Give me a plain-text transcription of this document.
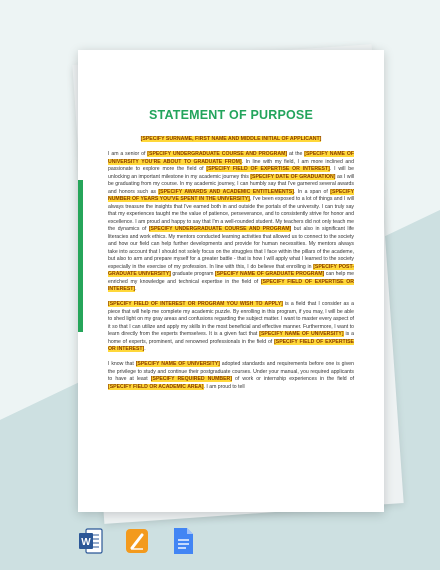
STATEMENT OF PURPOSE
[SPECIFY SURNAME, FIRST NAME AND MIDDLE INITIAL OF APPLICANT]

I am a senior of [SPECIFY UNDERGRADUATE COURSE AND PROGRAM] at the [SPECIFY NAME OF UNIVERSITY YOU'RE ABOUT TO GRADUATE FROM]. In line with my field, I am more inclined and passionate to explore more the field of [SPECIFY FIELD OF EXPERTISE OR INTEREST]. I will be unlocking an important milestone in my academic journey this [SPECIFY DATE OF GRADUATION] as I will be graduating from my course. In my academic journey, I can humbly say that I've garnered several awards and honors such as [SPECIFY AWARDS AND ACADEMIC ENTITLEMENTS]. In a span of [SPECIFY NUMBER OF YEARS YOU'VE SPENT IN THE UNIVERSITY], I've been exposed to a lot of things and I will always treasure the insights that I've earned both in and outside the portals of the university. I can truly say that my experiences taught me the value of patience, perseverance, and to consistently strive for honor and excellence. I am proud and happy to say that I'm a well-rounded student. My teachers did not only teach me the dynamics of [SPECIFY UNDERGRADUATE COURSE AND PROGRAM] but also in significant life literacies and work ethics. My mentors conducted learning activities that allowed us to connect to the society and how our field can help further developments and provide for human necessities. My mentors always take into account that I should not solely focus on the struggles that I face within the pillars of the academe, but also to arm and prepare myself for a greater battle - that is how I will apply what I learned to the society especially in the exercise of my profession. In line with this, I do believe that enrolling in [SPECIFY POST-GRADUATE UNIVERSITY] graduate program [SPECIFY NAME OF GRADUATE PROGRAM] can help me enriched my knowledge and technical expertise in the field of [SPECIFY FIELD OF EXPERTISE OR INTEREST].

[SPECIFY FIELD OF INTEREST OR PROGRAM YOU WISH TO APPLY] is a field that I consider as a piece that will help me complete my academic puzzle. By enrolling in this program, if you may, I will be able to shed light on my gray areas and confusions regarding the subject matter. I want to master every aspect of it so that I can utilize and apply my skills in the most beneficial and effective manner. Furthermore, I want to learn directly from the experts themselves. It is a given fact that [SPECIFY NAME OF UNIVERSITY] is a home of experts, prominent, and renowned professionals in the field of [SPECIFY FIELD OF EXPERTISE OR INTEREST].

I know that [SPECIFY NAME OF UNIVERSITY] adopted standards and requirements before one is given the privilege to study and continue their postgraduate courses. Under your manual, you required applicants to have at least [SPECIFY REQUIRED NUMBER] of work or internship experiences in the field of [SPECIFY FIELD OR ACADEMIC AREA]. I am proud to tell

W
